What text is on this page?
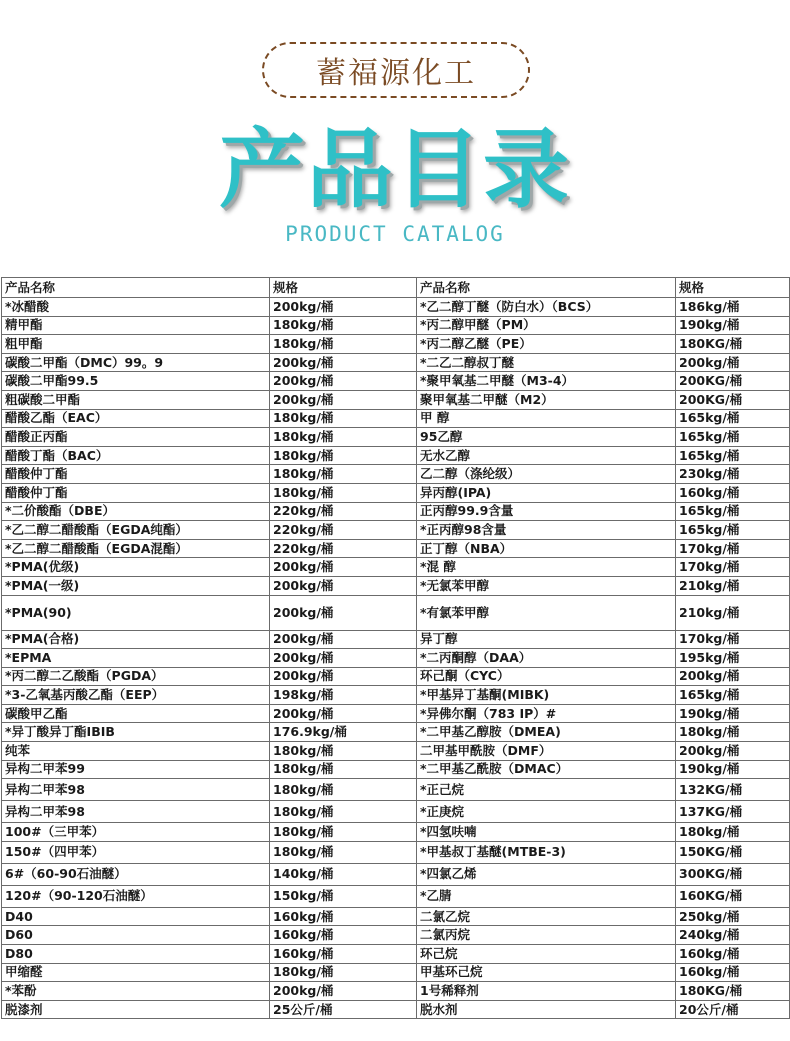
蓄福源化工
产品目录
PRODUCT CATALOG
产品名称	规格	产品名称	规格
*冰醋酸	200kg/桶	*乙二醇丁醚（防白水）（BCS）	186kg/桶
精甲酯	180kg/桶	*丙二醇甲醚（PM）	190kg/桶
粗甲酯	180kg/桶	*丙二醇乙醚（PE）	180KG/桶
碳酸二甲酯（DMC）99。9	200kg/桶	*二乙二醇叔丁醚	200kg/桶
碳酸二甲酯99.5	200kg/桶	*聚甲氧基二甲醚（M3-4）	200KG/桶
粗碳酸二甲酯	200kg/桶	聚甲氧基二甲醚（M2）	200KG/桶
醋酸乙酯（EAC）	180kg/桶	甲 醇	165kg/桶
醋酸正丙酯	180kg/桶	95乙醇	165kg/桶
醋酸丁酯（BAC）	180kg/桶	无水乙醇	165kg/桶
醋酸仲丁酯	180kg/桶	乙二醇（涤纶级）	230kg/桶
醋酸仲丁酯	180kg/桶	异丙醇(IPA)	160kg/桶
*二价酸酯（DBE）	220kg/桶	正丙醇99.9含量	165kg/桶
*乙二醇二醋酸酯（EGDA纯酯）	220kg/桶	*正丙醇98含量	165kg/桶
*乙二醇二醋酸酯（EGDA混酯）	220kg/桶	正丁醇（NBA）	170kg/桶
*PMA(优级)	200kg/桶	*混 醇	170kg/桶
*PMA(一级)	200kg/桶	*无氯苯甲醇	210kg/桶
*PMA(90)	200kg/桶	*有氯苯甲醇	210kg/桶
*PMA(合格)	200kg/桶	异丁醇	170kg/桶
*EPMA	200kg/桶	*二丙酮醇（DAA）	195kg/桶
*丙二醇二乙酸酯（PGDA）	200kg/桶	环己酮（CYC）	200kg/桶
*3-乙氧基丙酸乙酯（EEP）	198kg/桶	*甲基异丁基酮(MIBK)	165kg/桶
碳酸甲乙酯	200kg/桶	*异佛尔酮（783 IP）#	190kg/桶
*异丁酸异丁酯IBIB	176.9kg/桶	*二甲基乙醇胺（DMEA)	180kg/桶
纯苯	180kg/桶	二甲基甲酰胺（DMF）	200kg/桶
异构二甲苯99	180kg/桶	*二甲基乙酰胺（DMAC）	190kg/桶
异构二甲苯98	180kg/桶	*正己烷	132KG/桶
异构二甲苯98	180kg/桶	*正庚烷	137KG/桶
100#（三甲苯）	180kg/桶	*四氢呋喃	180kg/桶
150#（四甲苯）	180kg/桶	*甲基叔丁基醚(MTBE-3)	150KG/桶
6#（60-90石油醚）	140kg/桶	*四氯乙烯	300KG/桶
120#（90-120石油醚）	150kg/桶	*乙腈	160KG/桶
D40	160kg/桶	二氯乙烷	250kg/桶
D60	160kg/桶	二氯丙烷	240kg/桶
D80	160kg/桶	环己烷	160kg/桶
甲缩醛	180kg/桶	甲基环己烷	160kg/桶
*苯酚	200kg/桶	1号稀释剂	180KG/桶
脱漆剂	25公斤/桶	脱水剂	20公斤/桶
